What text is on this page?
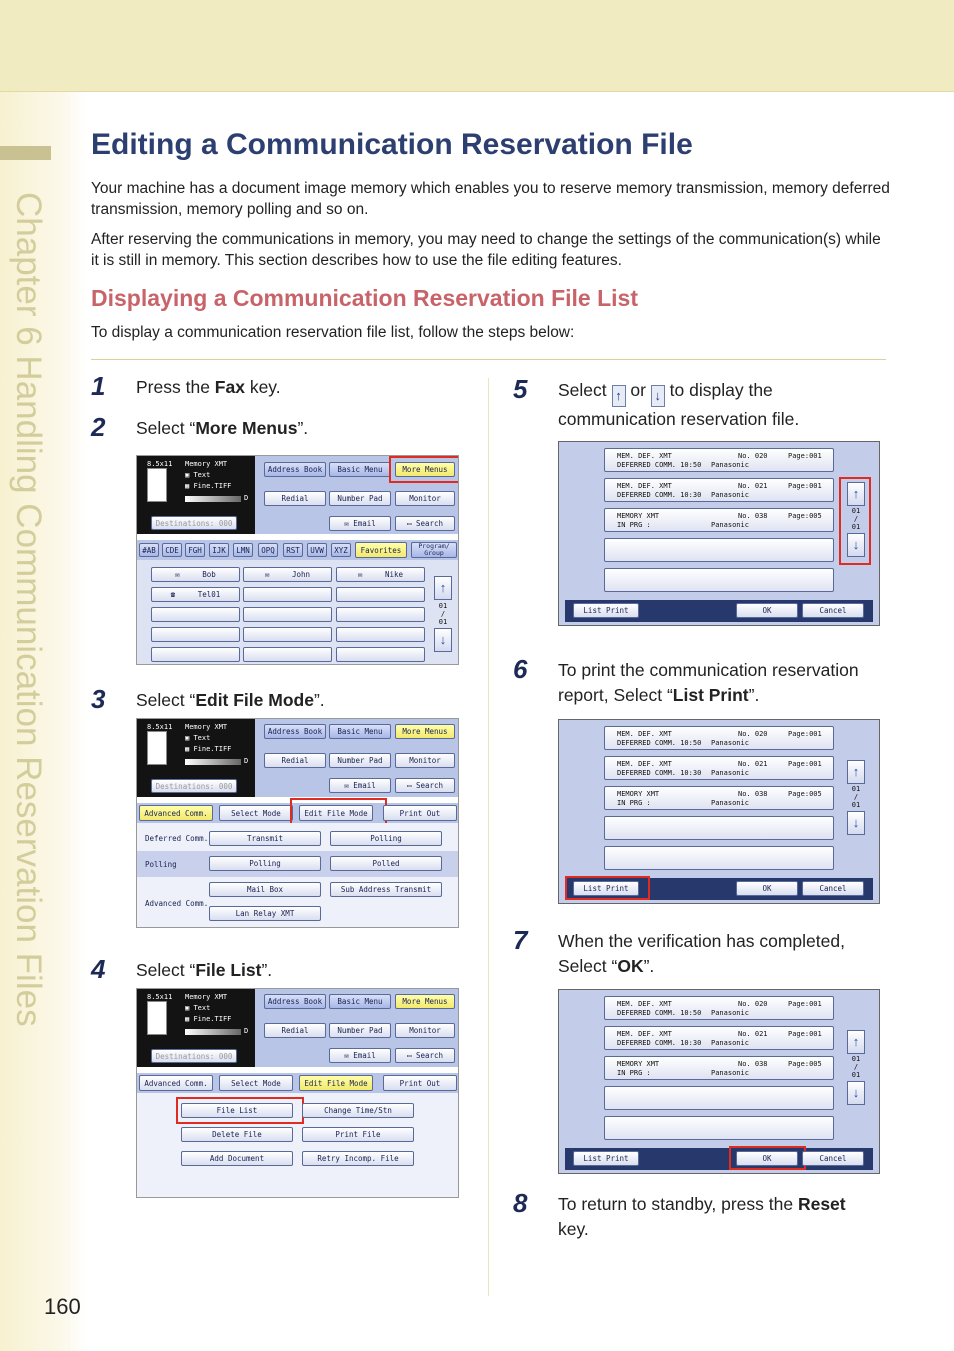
Chapter 6 Handling Communication Reservation Files
160
Editing a Communication Reservation File

Your machine has a document image memory which enables you to reserve memory transmission, memory deferred transmission, memory polling and so on.

After reserving the communications in memory, you may need to change the settings of the communication(s) while it is still in memory. This section describes how to use the file editing features.

Displaying a Communication Reservation File List

To display a communication reservation file list, follow the steps below:

1 Press the Fax key.
2 Select “More Menus”.
8.5x11 Memory XMT
▣ Text
▦ Fine.TIFF
D
Destinations: 000
Address Book	Basic Menu	More Menus
Redial	Number Pad	Monitor
✉ Email	▭ Search
#AB	CDE	FGH	IJK	LMN	OPQ	RST	UVW	XYZ	Favorites	Program/ Group
✉ Bob	✉ John	✉ Nike
☎ Tel01	↑
01
/
01
↓
3 Select “Edit File Mode”.
8.5x11 Memory XMT
▣ Text
▦ Fine.TIFF
D
Destinations: 000
Address Book	Basic Menu	More Menus
Redial	Number Pad	Monitor
✉ Email	▭ Search
Advanced Comm.	Select Mode	Edit File Mode	Print Out
Deferred Comm.	Transmit	Polling
Polling	Polling	Polled
Advanced Comm.
Mail Box	Sub Address Transmit
Lan Relay XMT
4 Select “File List”.
8.5x11 Memory XMT
▣ Text
▦ Fine.TIFF
D
Destinations: 000
Address Book	Basic Menu	More Menus
Redial	Number Pad	Monitor
✉ Email	▭ Search
Advanced Comm.	Select Mode	Edit File Mode	Print Out
File List	Change Time/Stn
Delete File	Print File
Add Document	Retry Incomp. File
5 Select ↑ or ↓ to display the
communication reservation file.
MEM. DEF. XMT
DEFERRED COMM. 10:50
No. 020
Panasonic
Page:001
MEM. DEF. XMT
DEFERRED COMM. 10:30
No. 021
Panasonic
Page:001
MEMORY XMT
IN PRG :
No. 038
Panasonic
Page:005
↑
01
/
01
↓
List Print	OK	Cancel
6 To print the communication reservation
report, Select “List Print”.
MEM. DEF. XMT
DEFERRED COMM. 10:50
No. 020
Panasonic
Page:001
MEM. DEF. XMT
DEFERRED COMM. 10:30
No. 021
Panasonic
Page:001
MEMORY XMT
IN PRG :
No. 038
Panasonic
Page:005
↑
01
/
01
↓
List Print	OK	Cancel
7 When the verification has completed,
Select “OK”.
MEM. DEF. XMT
DEFERRED COMM. 10:50
No. 020
Panasonic
Page:001
MEM. DEF. XMT
DEFERRED COMM. 10:30
No. 021
Panasonic
Page:001
MEMORY XMT
IN PRG :
No. 038
Panasonic
Page:005
↑
01
/
01
↓
List Print	OK	Cancel
8 To return to standby, press the Reset
key.
